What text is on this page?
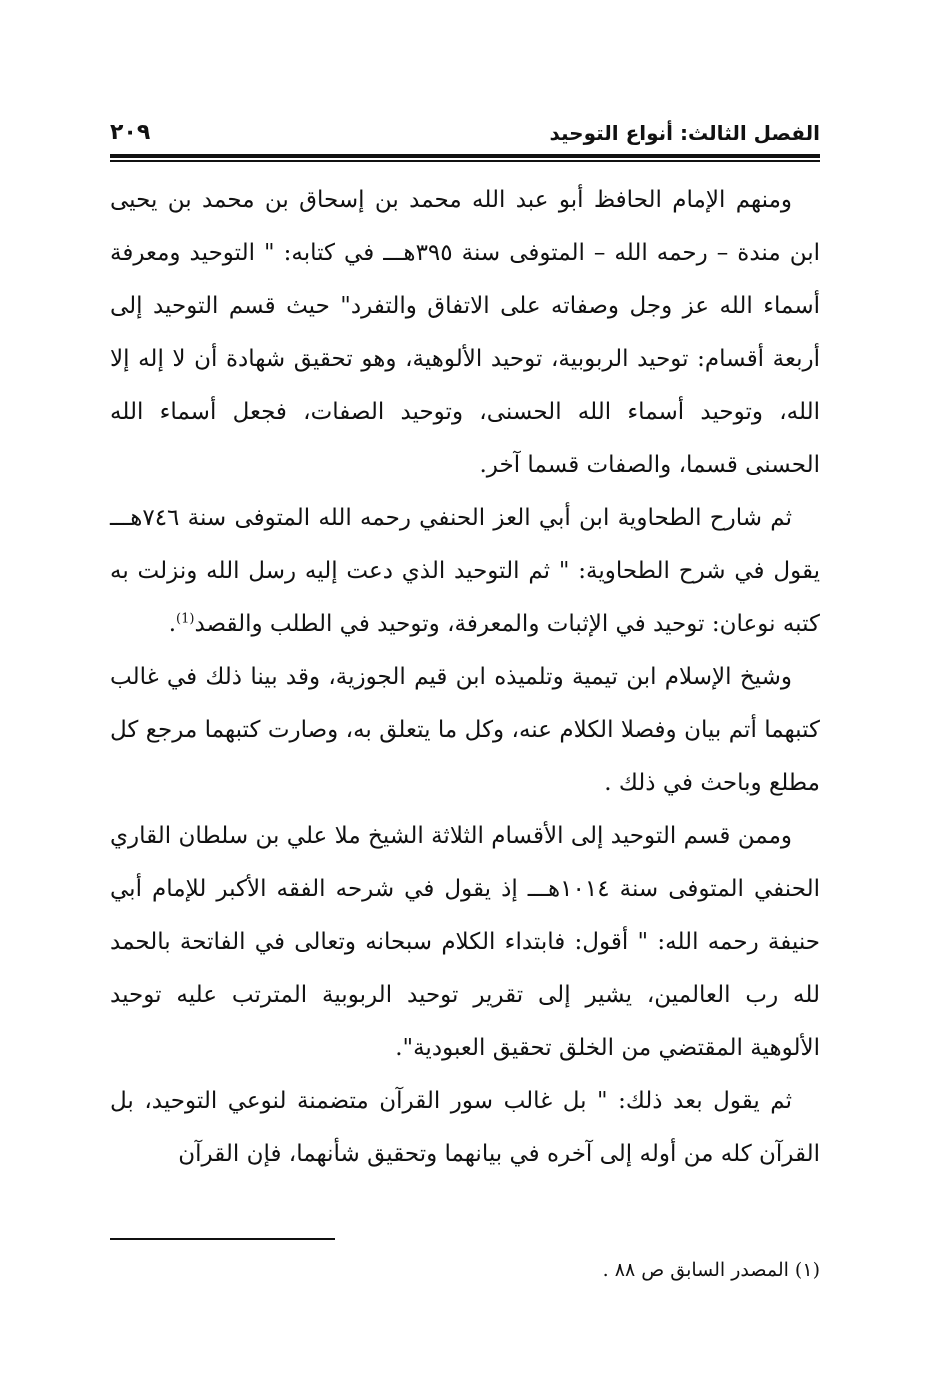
الفصل الثالث: أنواع التوحيد
٢٠٩

ومنهم الإمام الحافظ أبو عبد الله محمد بن إسحاق بن محمد بن يحيى ابن مندة – رحمه الله – المتوفى سنة ٣٩٥هـــ في كتابه: " التوحيد ومعرفة أسماء الله عز وجل وصفاته على الاتفاق والتفرد" حيث قسم التوحيد إلى أربعة أقسام: توحيد الربوبية، توحيد الألوهية، وهو تحقيق شهادة أن لا إله إلا الله، وتوحيد أسماء الله الحسنى، وتوحيد الصفات، فجعل أسماء الله الحسنى قسما، والصفات قسما آخر.

ثم شارح الطحاوية ابن أبي العز الحنفي رحمه الله المتوفى سنة ٧٤٦هـــ يقول في شرح الطحاوية: " ثم التوحيد الذي دعت إليه رسل الله ونزلت به كتبه نوعان: توحيد في الإثبات والمعرفة، وتوحيد في الطلب والقصد$^{(1)}$.

وشيخ الإسلام ابن تيمية وتلميذه ابن قيم الجوزية، وقد بينا ذلك في غالب كتبهما أتم بيان وفصلا الكلام عنه، وكل ما يتعلق به، وصارت كتبهما مرجع كل مطلع وباحث في ذلك .

وممن قسم التوحيد إلى الأقسام الثلاثة الشيخ ملا علي بن سلطان القاري الحنفي المتوفى سنة ١٠١٤هـــ إذ يقول في شرحه الفقه الأكبر للإمام أبي حنيفة رحمه الله: " أقول: فابتداء الكلام سبحانه وتعالى في الفاتحة بالحمد لله رب العالمين، يشير إلى تقرير توحيد الربوبية المترتب عليه توحيد الألوهية المقتضي من الخلق تحقيق العبودية".

ثم يقول بعد ذلك: " بل غالب سور القرآن متضمنة لنوعي التوحيد، بل القرآن كله من أوله إلى آخره في بيانهما وتحقيق شأنهما، فإن القرآن

(١) المصدر السابق ص ٨٨ .
